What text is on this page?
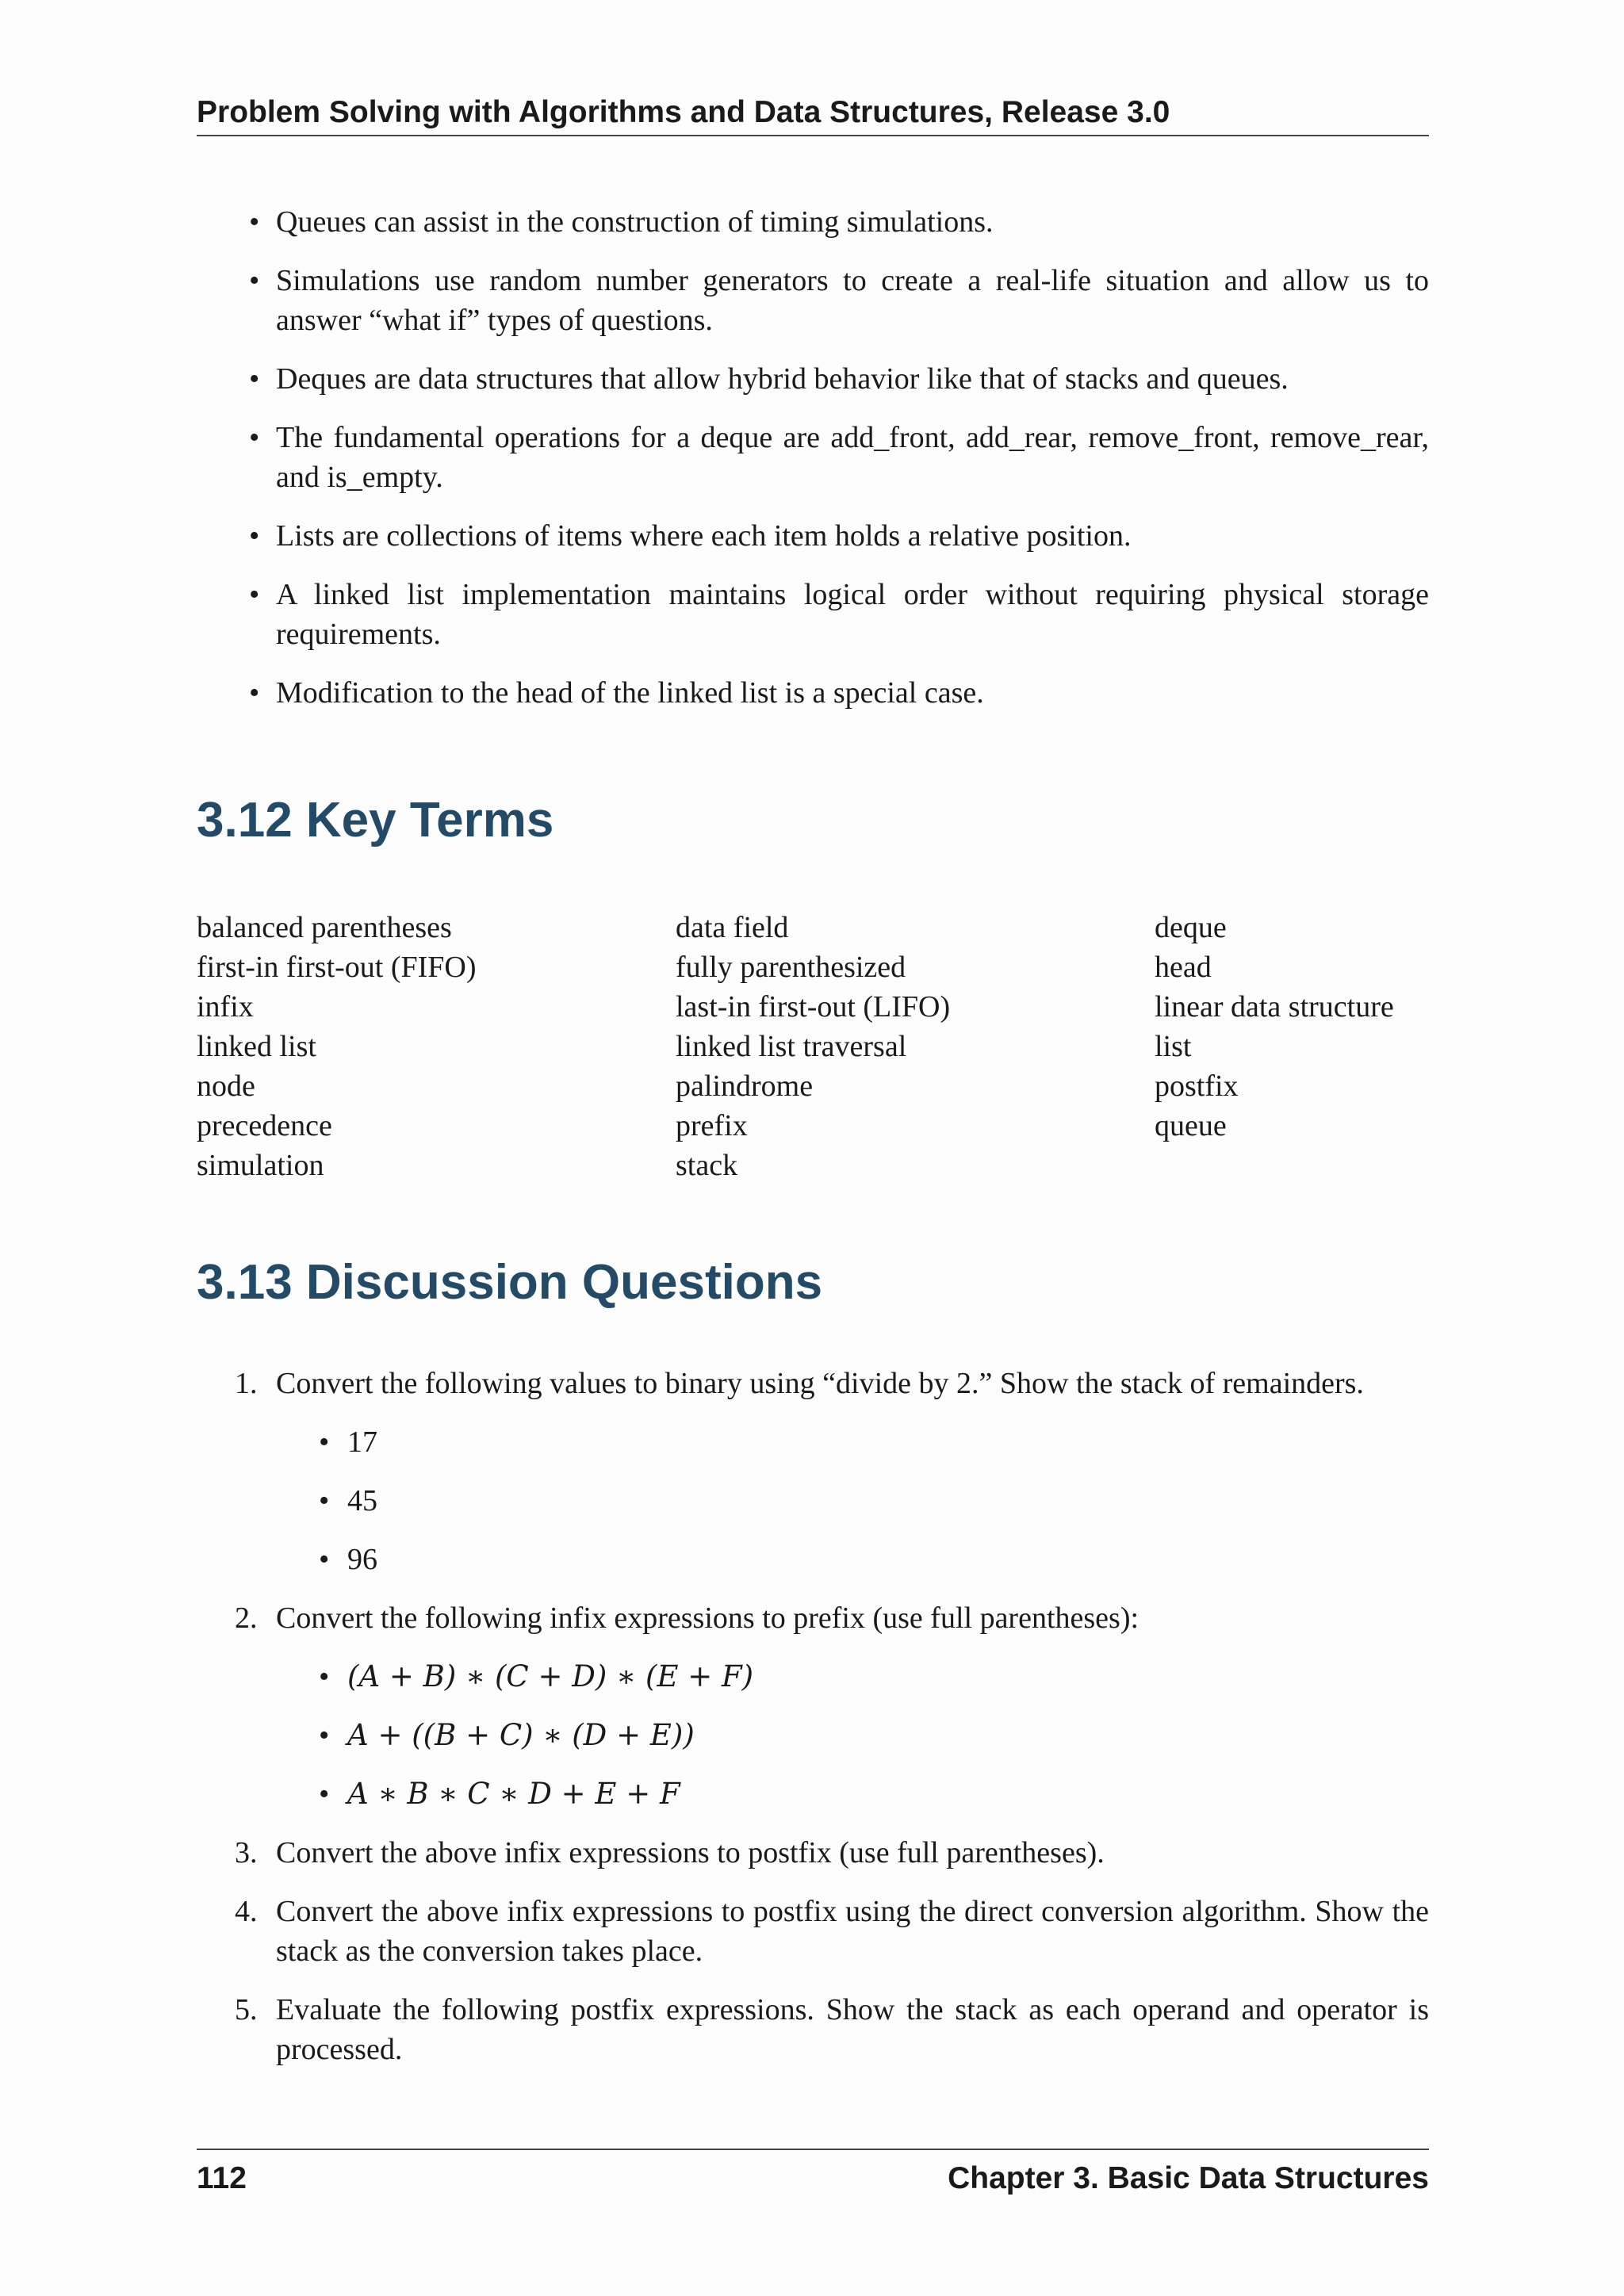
Problem Solving with Algorithms and Data Structures, Release 3.0
• Queues can assist in the construction of timing simulations.
• Simulations use random number generators to create a real-life situation and allow us to answer “what if” types of questions.
• Deques are data structures that allow hybrid behavior like that of stacks and queues.
• The fundamental operations for a deque are add_front, add_rear, remove_front, remove_rear, and is_empty.
• Lists are collections of items where each item holds a relative position.
• A linked list implementation maintains logical order without requiring physical storage requirements.
• Modification to the head of the linked list is a special case.
3.12 Key Terms
balanced parentheses	data field	deque
first-in first-out (FIFO)	fully parenthesized	head
infix	last-in first-out (LIFO)	linear data structure
linked list	linked list traversal	list
node	palindrome	postfix
precedence	prefix	queue
simulation	stack
3.13 Discussion Questions
1. Convert the following values to binary using “divide by 2.” Show the stack of remainders.
• 17
• 45
• 96
2. Convert the following infix expressions to prefix (use full parentheses):
• (A + B) ∗ (C + D) ∗ (E + F)
• A + ((B + C) ∗ (D + E))
• A ∗ B ∗ C ∗ D + E + F
3. Convert the above infix expressions to postfix (use full parentheses).
4. Convert the above infix expressions to postfix using the direct conversion algorithm. Show the stack as the conversion takes place.
5. Evaluate the following postfix expressions. Show the stack as each operand and operator is processed.
112	Chapter 3. Basic Data Structures
